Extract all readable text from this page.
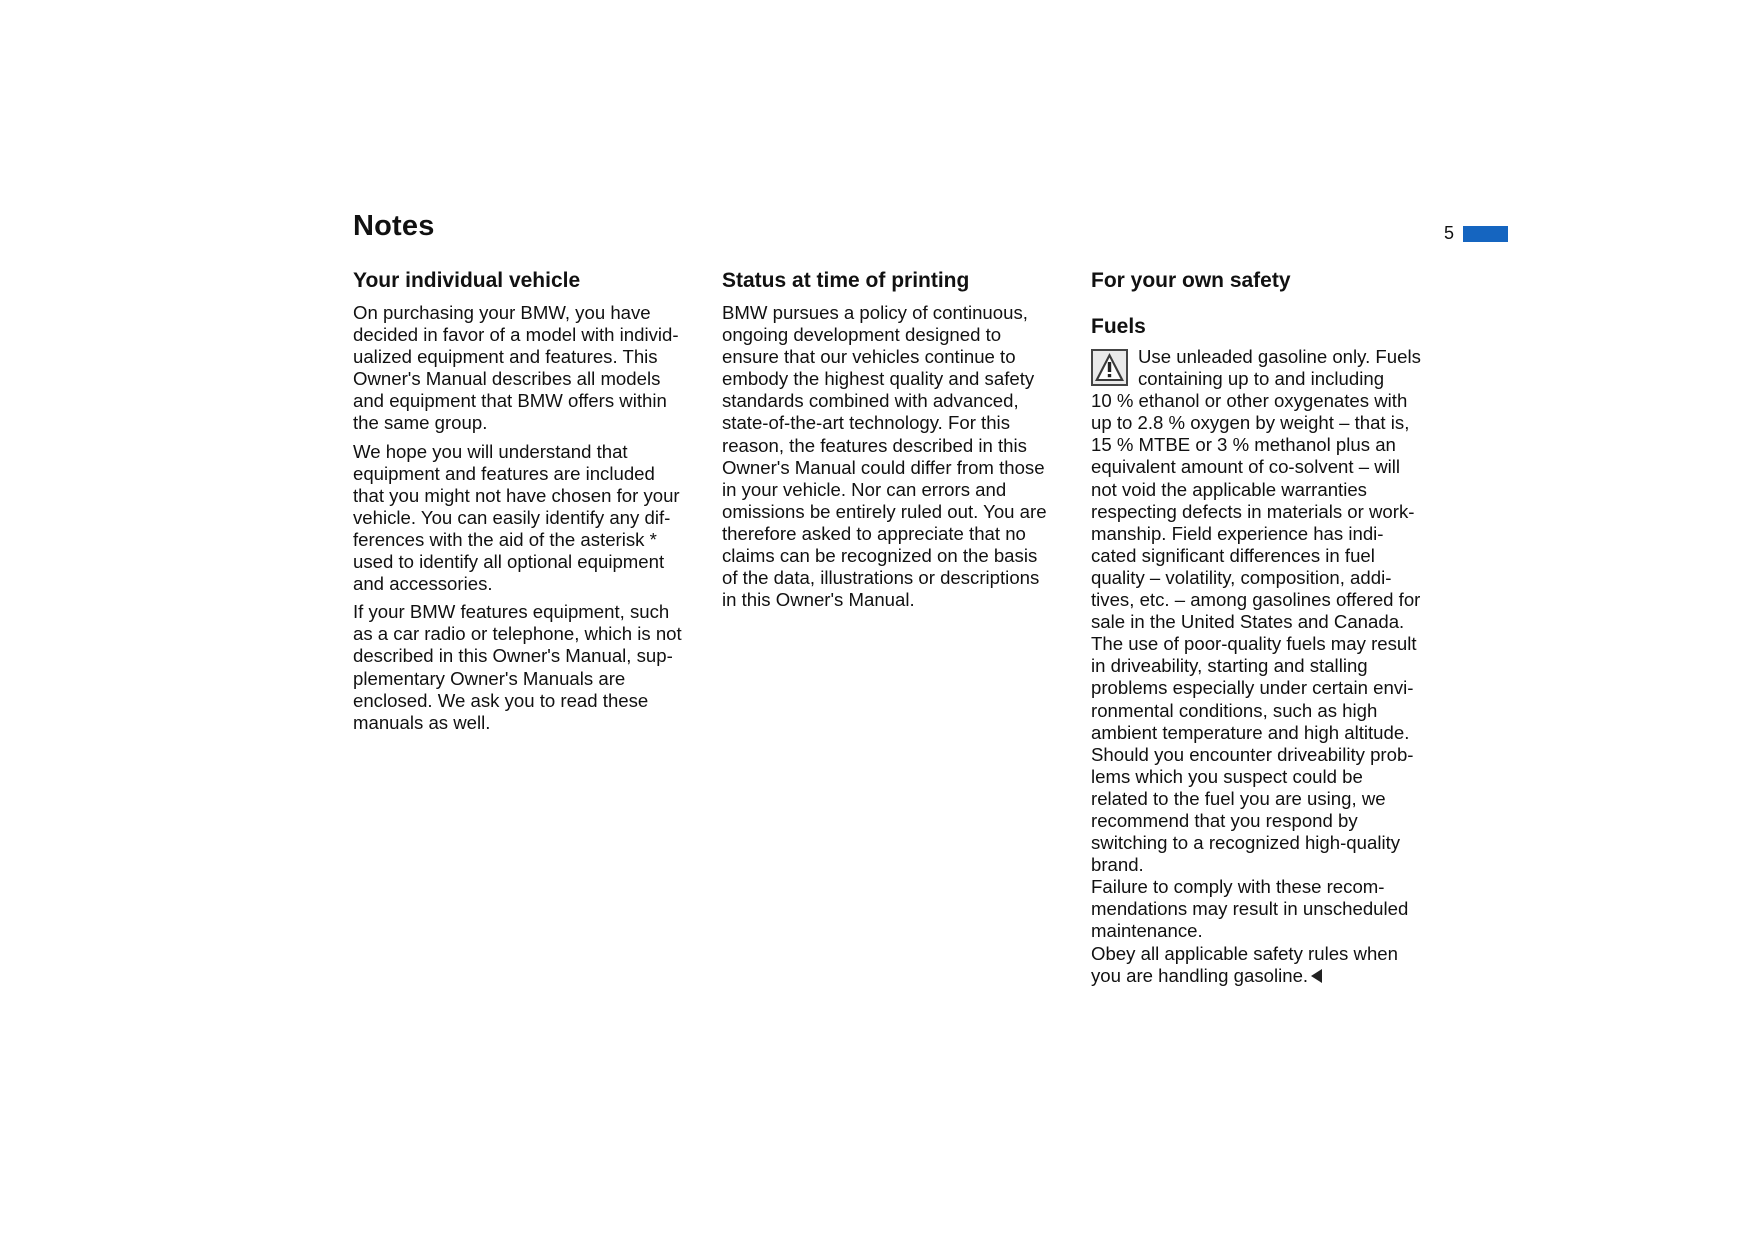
Notes	5
Your individual vehicle

On purchasing your BMW, you have
decided in favor of a model with individ-
ualized equipment and features. This
Owner's Manual describes all models
and equipment that BMW offers within
the same group.

We hope you will understand that
equipment and features are included
that you might not have chosen for your
vehicle. You can easily identify any dif-
ferences with the aid of the asterisk *
used to identify all optional equipment
and accessories.

If your BMW features equipment, such
as a car radio or telephone, which is not
described in this Owner's Manual, sup-
plementary Owner's Manuals are
enclosed. We ask you to read these
manuals as well.

Status at time of printing

BMW pursues a policy of continuous,
ongoing development designed to
ensure that our vehicles continue to
embody the highest quality and safety
standards combined with advanced,
state-of-the-art technology. For this
reason, the features described in this
Owner's Manual could differ from those
in your vehicle. Nor can errors and
omissions be entirely ruled out. You are
therefore asked to appreciate that no
claims can be recognized on the basis
of the data, illustrations or descriptions
in this Owner's Manual.

For your own safety
Fuels

Use unleaded gasoline only. Fuels
containing up to and including
10 % ethanol or other oxygenates with
up to 2.8 % oxygen by weight – that is,
15 % MTBE or 3 % methanol plus an
equivalent amount of co-solvent – will
not void the applicable warranties
respecting defects in materials or work-
manship. Field experience has indi-
cated significant differences in fuel
quality – volatility, composition, addi-
tives, etc. – among gasolines offered for
sale in the United States and Canada.

The use of poor-quality fuels may result
in driveability, starting and stalling
problems especially under certain envi-
ronmental conditions, such as high
ambient temperature and high altitude.
Should you encounter driveability prob-
lems which you suspect could be
related to the fuel you are using, we
recommend that you respond by
switching to a recognized high-quality
brand.

Failure to comply with these recom-
mendations may result in unscheduled
maintenance.

Obey all applicable safety rules when
you are handling gasoline.
